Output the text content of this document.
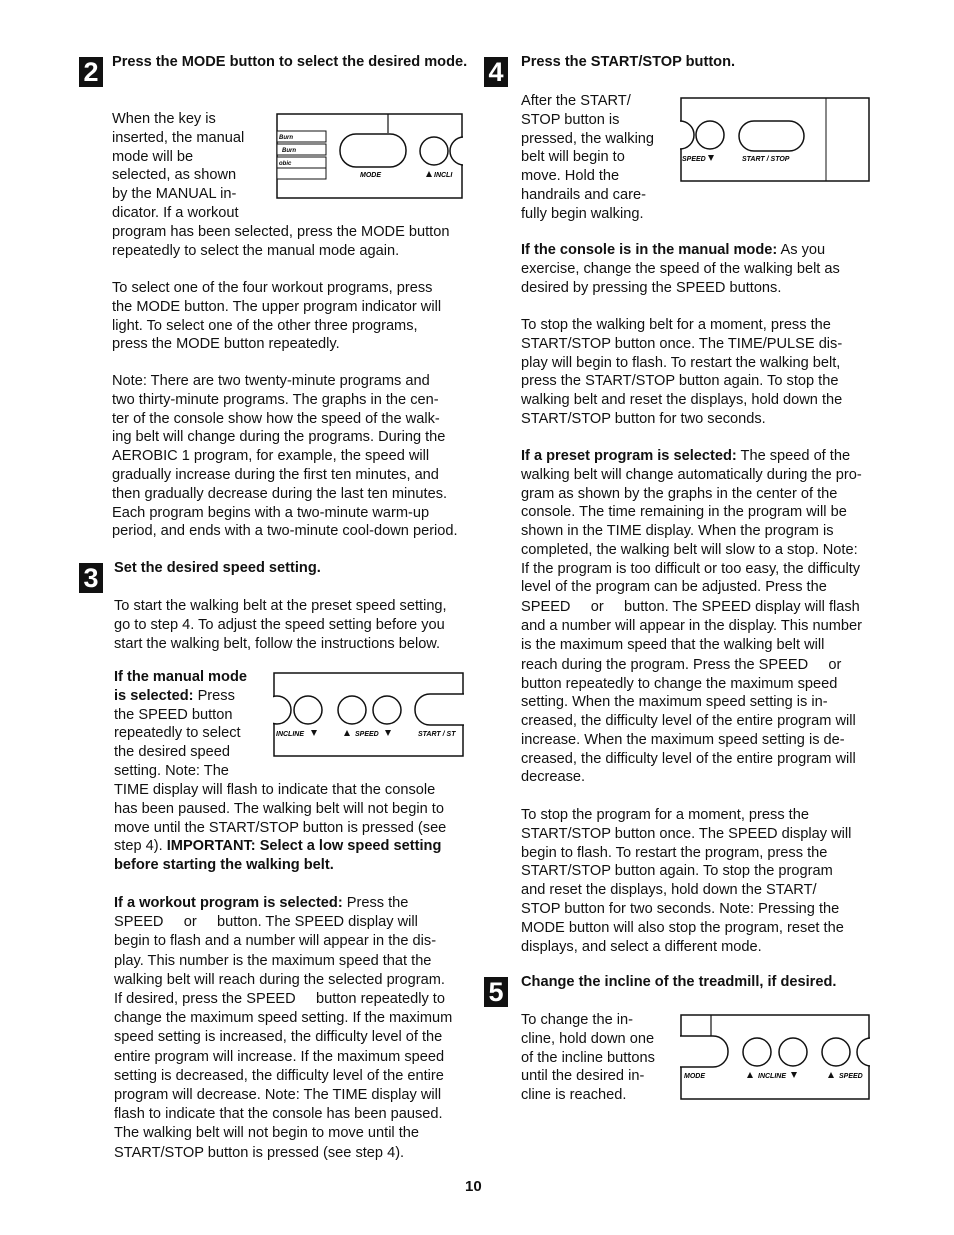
2 Press the MODE button to select the desired mode.

When the key is

inserted, the manual

mode will be

selected, as shown

by the MANUAL in-

dicator. If a workout

program has been selected, press the MODE button

repeatedly to select the manual mode again.

Burn
Burn
obic
MODE	INCLI

To select one of the four workout programs, press

the MODE button. The upper program indicator will

light. To select one of the other three programs,

press the MODE button repeatedly.

Note: There are two twenty-minute programs and

two thirty-minute programs. The graphs in the cen-

ter of the console show how the speed of the walk-

ing belt will change during the programs. During the

AEROBIC 1 program, for example, the speed will

gradually increase during the first ten minutes, and

then gradually decrease during the last ten minutes.

Each program begins with a two-minute warm-up

period, and ends with a two-minute cool-down period.

3	Set the desired speed setting.

To start the walking belt at the preset speed setting,

go to step 4. To adjust the speed setting before you

start the walking belt, follow the instructions below.

If the manual mode

is selected: Press

the SPEED button

repeatedly to select

the desired speed

setting. Note: The

INCLINE	SPEED	START / ST

TIME display will flash to indicate that the console

has been paused. The walking belt will not begin to

move until the START/STOP button is pressed (see

step 4). IMPORTANT: Select a low speed setting

before starting the walking belt.

If a workout program is selected: Press the

SPEED     or     button. The SPEED display will

begin to flash and a number will appear in the dis-

play. This number is the maximum speed that the

walking belt will reach during the selected program.

If desired, press the SPEED     button repeatedly to

change the maximum speed setting. If the maximum

speed setting is increased, the difficulty level of the

entire program will increase. If the maximum speed

setting is decreased, the difficulty level of the entire

program will decrease. Note: The TIME display will

flash to indicate that the console has been paused.

The walking belt will not begin to move until the

START/STOP button is pressed (see step 4).

4	Press the START/STOP button.

After the START/

STOP button is

pressed, the walking

belt will begin to

move. Hold the

handrails and care-

fully begin walking.

SPEED	START / STOP

If the console is in the manual mode: As you

exercise, change the speed of the walking belt as

desired by pressing the SPEED buttons.

To stop the walking belt for a moment, press the

START/STOP button once. The TIME/PULSE dis-

play will begin to flash. To restart the walking belt,

press the START/STOP button again. To stop the

walking belt and reset the displays, hold down the

START/STOP button for two seconds.

If a preset program is selected: The speed of the

walking belt will change automatically during the pro-

gram as shown by the graphs in the center of the

console. The time remaining in the program will be

shown in the TIME display. When the program is

completed, the walking belt will slow to a stop. Note:

If the program is too difficult or too easy, the difficulty

level of the program can be adjusted. Press the

SPEED     or     button. The SPEED display will flash

and a number will appear in the display. This number

is the maximum speed that the walking belt will

reach during the program. Press the SPEED     or

button repeatedly to change the maximum speed

setting. When the maximum speed setting is in-

creased, the difficulty level of the entire program will

increase. When the maximum speed setting is de-

creased, the difficulty level of the entire program will

decrease.

To stop the program for a moment, press the

START/STOP button once. The SPEED display will

begin to flash. To restart the program, press the

START/STOP button again. To stop the program

and reset the displays, hold down the START/

STOP button for two seconds. Note: Pressing the

MODE button will also stop the program, reset the

displays, and select a different mode.

5	Change the incline of the treadmill, if desired.

To change the in-

cline, hold down one

of the incline buttons

until the desired in-

cline is reached.

MODE	INCLINE	SPEED
10
